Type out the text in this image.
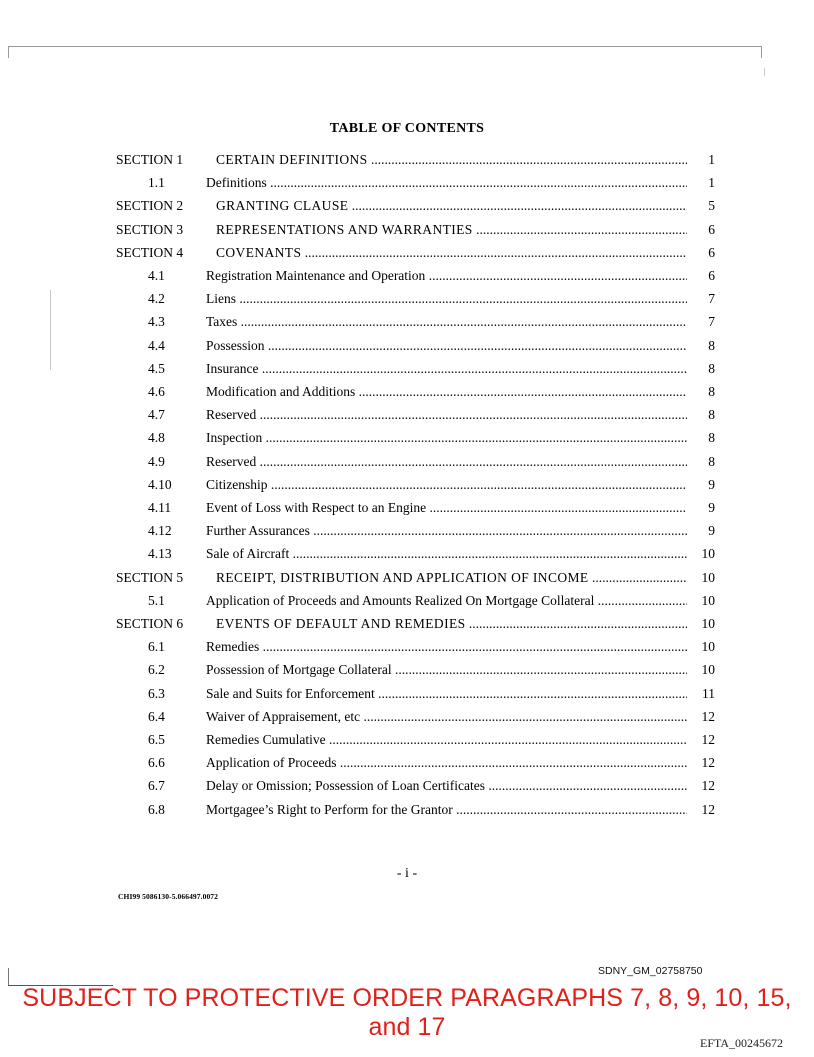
TABLE OF CONTENTS
SECTION 1	CERTAIN DEFINITIONS .....	1
1.1	Definitions .....	1
SECTION 2	GRANTING CLAUSE .....	5
SECTION 3	REPRESENTATIONS AND WARRANTIES .....	6
SECTION 4	COVENANTS .....	6
4.1	Registration Maintenance and Operation .....	6
4.2	Liens .....	7
4.3	Taxes .....	7
4.4	Possession .....	8
4.5	Insurance .....	8
4.6	Modification and Additions .....	8
4.7	Reserved .....	8
4.8	Inspection .....	8
4.9	Reserved .....	8
4.10	Citizenship .....	9
4.11	Event of Loss with Respect to an Engine .....	9
4.12	Further Assurances .....	9
4.13	Sale of Aircraft .....	10
SECTION 5	RECEIPT, DISTRIBUTION AND APPLICATION OF INCOME .....	10
5.1	Application of Proceeds and Amounts Realized On Mortgage Collateral .....	10
SECTION 6	EVENTS OF DEFAULT AND REMEDIES .....	10
6.1	Remedies .....	10
6.2	Possession of Mortgage Collateral .....	10
6.3	Sale and Suits for Enforcement .....	11
6.4	Waiver of Appraisement, etc .....	12
6.5	Remedies Cumulative .....	12
6.6	Application of Proceeds .....	12
6.7	Delay or Omission; Possession of Loan Certificates .....	12
6.8	Mortgagee’s Right to Perform for the Grantor .....	12
- i -
CHI99 5086130-5.066497.0072
SDNY_GM_02758750
SUBJECT TO PROTECTIVE ORDER PARAGRAPHS 7, 8, 9, 10, 15, and 17
EFTA_00245672
